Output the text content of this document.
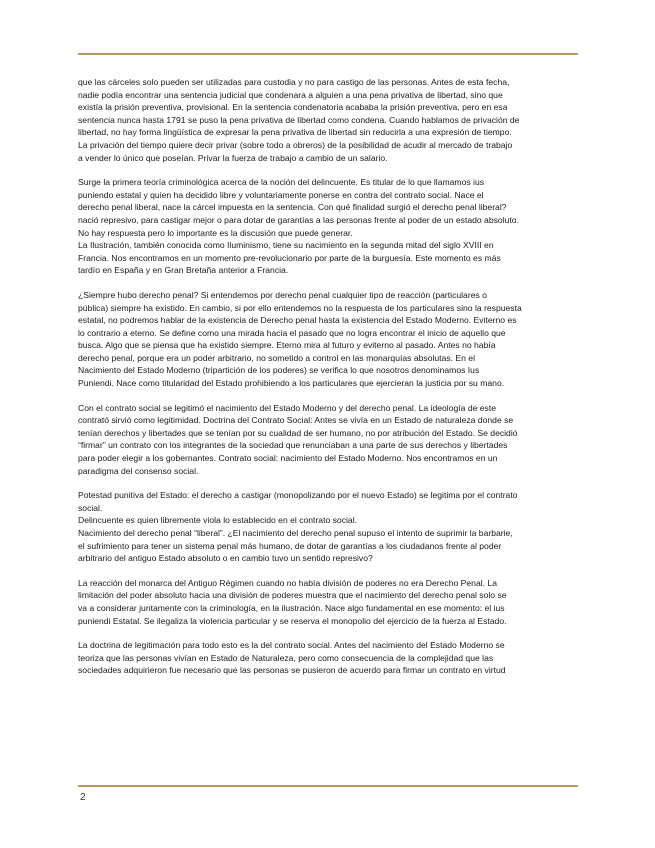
que las cárceles solo pueden ser utilizadas para custodia y no para castigo de las personas. Antes de esta fecha,
nadie podía encontrar una sentencia judicial que condenara a alguien a una pena privativa de libertad, sino que
existía la prisión preventiva, provisional. En la sentencia condenatoria acababa la prisión preventiva, pero en esa
sentencia nunca hasta 1791 se puso la pena privativa de libertad como condena. Cuando hablamos de privación de
libertad, no hay forma lingüística de expresar la pena privativa de libertad sin reducirla a una expresión de tiempo.
La privación del tiempo quiere decir privar (sobre todo a obreros) de la posibilidad de acudir al mercado de trabajo
a vender lo único que poseían. Privar la fuerza de trabajo a cambio de un salario.

Surge la primera teoría criminológica acerca de la noción del delincuente. Es titular de lo que llamamos ius
puniendo estatal y quien ha decidido libre y voluntariamente ponerse en contra del contrato social. Nace el
derecho penal liberal, nace la cárcel impuesta en la sentencia. Con qué finalidad surgió el derecho penal liberal?
nació represivo, para castigar mejor o para dotar de garantías a las personas frente al poder de un estado absoluto.
No hay respuesta pero lo importante es la discusión que puede generar.
La Ilustración, también conocida como Iluminismo, tiene su nacimiento en la segunda mitad del siglo XVIII en
Francia. Nos encontramos en un momento pre-revolucionario por parte de la burguesía. Este momento es más
tardío en España y en Gran Bretaña anterior a Francia.

¿Siempre hubo derecho penal? Si entendemos por derecho penal cualquier tipo de reacción (particulares o
pública) siempre ha existido. En cambio, si por ello entendemos no la respuesta de los particulares sino la respuesta
estatal, no podremos hablar de la existencia de Derecho penal hasta la existencia del Estado Moderno. Eviterno es
lo contrario a eterno. Se define como una mirada hacia el pasado que no logra encontrar el inicio de aquello que
busca. Algo que se piensa que ha existido siempre. Eterno mira al futuro y eviterno al pasado. Antes no había
derecho penal, porque era un poder arbitrario, no sometido a control en las monarquías absolutas. En el
Nacimiento del Estado Moderno (tripartición de los poderes) se verifica lo que nosotros denominamos Ius
Puniendi. Nace como titularidad del Estado prohibiendo a los particulares que ejercieran la justicia por su mano.

Con el contrato social se legitimó el nacimiento del Estado Moderno y del derecho penal. La ideología de este
contrató sirvió como legitimidad. Doctrina del Contrato Social: Antes se vivía en un Estado de naturaleza donde se
tenían derechos y libertades que se tenían por su cualidad de ser humano, no por atribución del Estado. Se decidió
“firmar” un contrato con los integrantes de la sociedad que renunciaban a una parte de sus derechos y libertades
para poder elegir a los gobernantes. Contrato social: nacimiento del Estado Moderno. Nos encontramos en un
paradigma del consenso social.

Potestad punitiva del Estado: el derecho a castigar (monopolizando por el nuevo Estado) se legitima por el contrato
social.
Delincuente es quien libremente viola lo establecido en el contrato social.
Nacimiento del derecho penal “liberal”. ¿El nacimiento del derecho penal supuso el intento de suprimir la barbarie,
el sufrimiento para tener un sistema penal más humano, de dotar de garantías a los ciudadanos frente al poder
arbitrario del antiguo Estado absoluto o en cambio tuvo un sentido represivo?

La reacción del monarca del Antiguo Régimen cuando no había división de poderes no era Derecho Penal. La
limitación del poder absoluto hacia una división de poderes muestra que el nacimiento del derecho penal solo se
va a considerar juntamente con la criminología, en la ilustración. Nace algo fundamental en ese momento: el ius
puniendi Estatal. Se ilegaliza la violencia particular y se reserva el monopolio del ejercicio de la fuerza al Estado.

La doctrina de legitimación para todo esto es la del contrato social. Antes del nacimiento del Estado Moderno se
teoriza que las personas vivían en Estado de Naturaleza, pero como consecuencia de la complejidad que las
sociedades adquirieron fue necesario que las personas se pusieron de acuerdo para firmar un contrato en virtud

2
